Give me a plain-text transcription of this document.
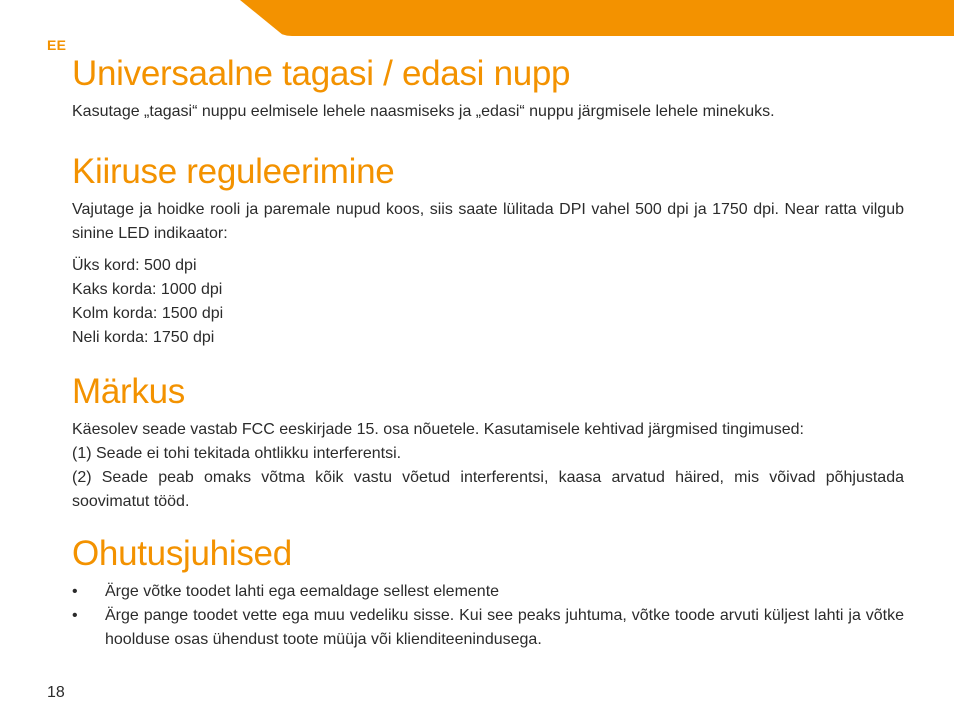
EE
Universaalne tagasi / edasi nupp

Kasutage „tagasi“ nuppu eelmisele lehele naasmiseks ja „edasi“ nuppu järgmisele lehele minekuks.

Kiiruse reguleerimine

Vajutage ja hoidke rooli ja paremale nupud koos, siis saate lülitada DPI vahel 500 dpi ja 1750 dpi. Near ratta vilgub sinine LED indikaator:

Üks kord: 500 dpi
Kaks korda: 1000 dpi
Kolm korda: 1500 dpi
Neli korda: 1750 dpi
Märkus

Käesolev seade vastab FCC eeskirjade 15. osa nõuetele. Kasutamisele kehtivad järgmised tingimused:

(1) Seade ei tohi tekitada ohtlikku interferentsi.

(2) Seade peab omaks võtma kõik vastu võetud interferentsi, kaasa arvatud häired, mis võivad põhjustada soovimatut tööd.

Ohutusjuhised
• Ärge võtke toodet lahti ega eemaldage sellest elemente
• Ärge pange toodet vette ega muu vedeliku sisse. Kui see peaks juhtuma, võtke toode arvuti küljest lahti ja võtke hoolduse osas ühendust toote müüja või klienditeenindusega.
18
